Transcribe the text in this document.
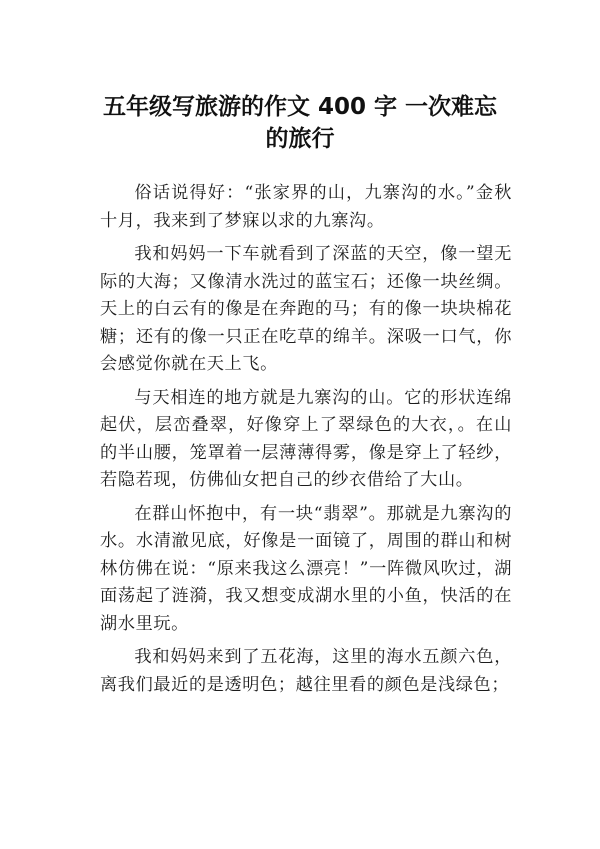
五年级写旅游的作文 400 字 一次难忘
的旅行

俗话说得好：“张家界的山，九寨沟的水。”金秋十月，我来到了梦寐以求的九寨沟。

我和妈妈一下车就看到了深蓝的天空，像一望无际的大海；又像清水洗过的蓝宝石；还像一块丝绸。天上的白云有的像是在奔跑的马；有的像一块块棉花糖；还有的像一只正在吃草的绵羊。深吸一口气，你会感觉你就在天上飞。

与天相连的地方就是九寨沟的山。它的形状连绵起伏，层峦叠翠，好像穿上了翠绿色的大衣，。在山的半山腰，笼罩着一层薄薄得雾，像是穿上了轻纱，若隐若现，仿佛仙女把自己的纱衣借给了大山。

在群山怀抱中，有一块“翡翠”。那就是九寨沟的水。水清澈见底，好像是一面镜了，周围的群山和树林仿佛在说：“原来我这么漂亮！”一阵微风吹过，湖面荡起了涟漪，我又想变成湖水里的小鱼，快活的在湖水里玩。

我和妈妈来到了五花海，这里的海水五颜六色，离我们最近的是透明色；越往里看的颜色是浅绿色；
